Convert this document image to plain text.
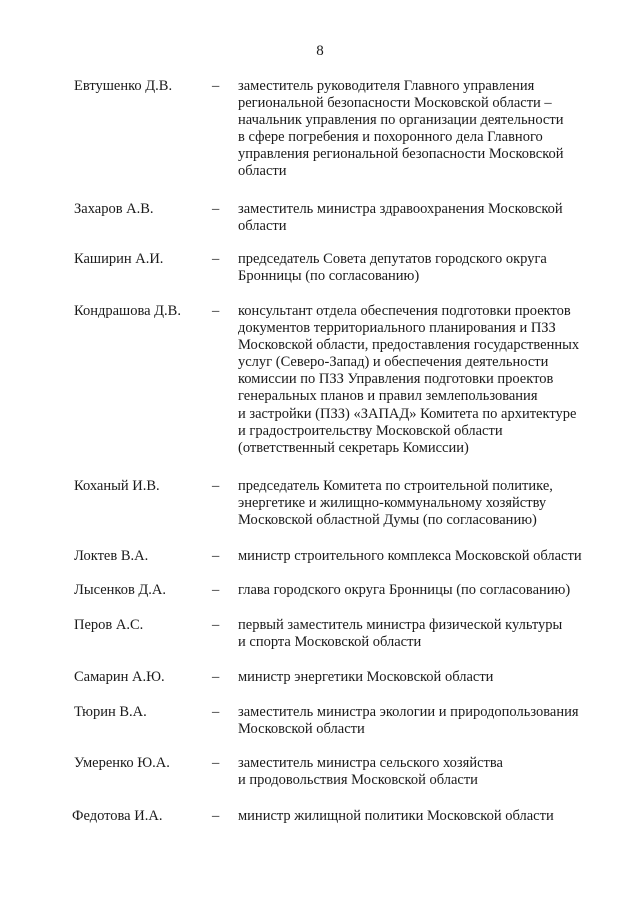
8
Евтушенко Д.В.	– заместитель руководителя Главного управления
региональной безопасности Московской области –
начальник управления по организации деятельности
в сфере погребения и похоронного дела Главного
управления региональной безопасности Московской
области
Захаров А.В.	– заместитель министра здравоохранения Московской
области
Каширин А.И.	– председатель Совета депутатов городского округа
Бронницы (по согласованию)
Кондрашова Д.В. – консультант отдела обеспечения подготовки проектов
документов территориального планирования и ПЗЗ
Московской области, предоставления государственных
услуг (Северо-Запад) и обеспечения деятельности
комиссии по ПЗЗ Управления подготовки проектов
генеральных планов и правил землепользования
и застройки (ПЗЗ) «ЗАПАД» Комитета по архитектуре
и градостроительству Московской области
(ответственный секретарь Комиссии)
Коханый И.В.	– председатель Комитета по строительной политике,
энергетике и жилищно-коммунальному хозяйству
Московской областной Думы (по согласованию)
Локтев В.А.	– министр строительного комплекса Московской области
Лысенков Д.А.	– глава городского округа Бронницы (по согласованию)
Перов А.С.	– первый заместитель министра физической культуры
и спорта Московской области
Самарин А.Ю.	– министр энергетики Московской области
Тюрин В.А.	– заместитель министра экологии и природопользования
Московской области
Умеренко Ю.А.	– заместитель министра сельского хозяйства
и продовольствия Московской области
Федотова И.А.	– министр жилищной политики Московской области
